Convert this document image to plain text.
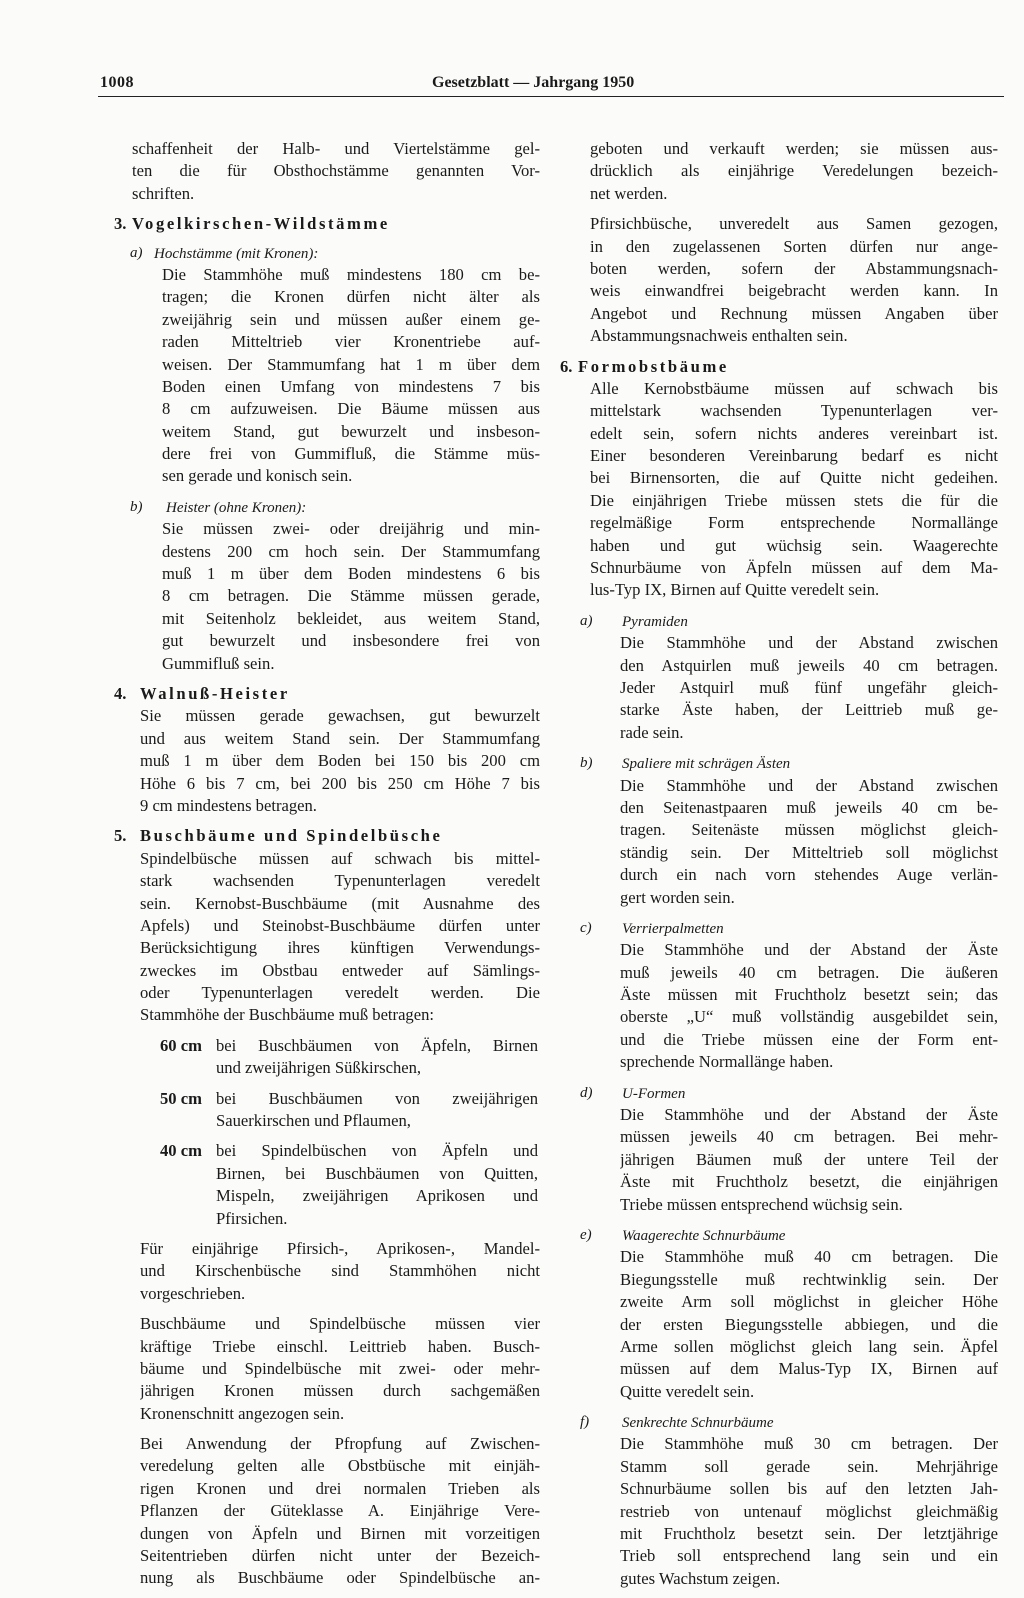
1008	Gesetzblatt — Jahrgang 1950
schaffenheit der Halb- und Viertelstämme gel-
ten die für Obsthochstämme genannten Vor-
schriften.
3. Vogelkirschen-Wildstämme
a) Hochstämme (mit Kronen):
Die Stammhöhe muß mindestens 180 cm be-
tragen; die Kronen dürfen nicht älter als
zweijährig sein und müssen außer einem ge-
raden Mitteltrieb vier Kronentriebe auf-
weisen. Der Stammumfang hat 1 m über dem
Boden einen Umfang von mindestens 7 bis
8 cm aufzuweisen. Die Bäume müssen aus
weitem Stand, gut bewurzelt und insbeson-
dere frei von Gummifluß, die Stämme müs-
sen gerade und konisch sein.
b) Heister (ohne Kronen):
Sie müssen zwei- oder dreijährig und min-
destens 200 cm hoch sein. Der Stammumfang
muß 1 m über dem Boden mindestens 6 bis
8 cm betragen. Die Stämme müssen gerade,
mit Seitenholz bekleidet, aus weitem Stand,
gut bewurzelt und insbesondere frei von
Gummifluß sein.
4. Walnuß-Heister
Sie müssen gerade gewachsen, gut bewurzelt
und aus weitem Stand sein. Der Stammumfang
muß 1 m über dem Boden bei 150 bis 200 cm
Höhe 6 bis 7 cm, bei 200 bis 250 cm Höhe 7 bis
9 cm mindestens betragen.
5. Buschbäume und Spindelbüsche
Spindelbüsche müssen auf schwach bis mittel-
stark wachsenden Typenunterlagen veredelt
sein. Kernobst-Buschbäume (mit Ausnahme des
Apfels) und Steinobst-Buschbäume dürfen unter
Berücksichtigung ihres künftigen Verwendungs-
zweckes im Obstbau entweder auf Sämlings-
oder Typenunterlagen veredelt werden. Die
Stammhöhe der Buschbäume muß betragen:
60 cm bei Buschbäumen von Äpfeln, Birnen
und zweijährigen Süßkirschen,
50 cm bei Buschbäumen von zweijährigen
Sauerkirschen und Pflaumen,
40 cm bei Spindelbüschen von Äpfeln und
Birnen, bei Buschbäumen von Quitten,
Mispeln, zweijährigen Aprikosen und
Pfirsichen.
Für einjährige Pfirsich-, Aprikosen-, Mandel-
und Kirschenbüsche sind Stammhöhen nicht
vorgeschrieben.
Buschbäume und Spindelbüsche müssen vier
kräftige Triebe einschl. Leittrieb haben. Busch-
bäume und Spindelbüsche mit zwei- oder mehr-
jährigen Kronen müssen durch sachgemäßen
Kronenschnitt angezogen sein.
Bei Anwendung der Pfropfung auf Zwischen-
veredelung gelten alle Obstbüsche mit einjäh-
rigen Kronen und drei normalen Trieben als
Pflanzen der Güteklasse A. Einjährige Vere-
dungen von Äpfeln und Birnen mit vorzeitigen
Seitentrieben dürfen nicht unter der Bezeich-
nung als Buschbäume oder Spindelbüsche an-
geboten und verkauft werden; sie müssen aus-
drücklich als einjährige Veredelungen bezeich-
net werden.
Pfirsichbüsche, unveredelt aus Samen gezogen,
in den zugelassenen Sorten dürfen nur ange-
boten werden, sofern der Abstammungsnach-
weis einwandfrei beigebracht werden kann. In
Angebot und Rechnung müssen Angaben über
Abstammungsnachweis enthalten sein.
6. Formobstbäume
Alle Kernobstbäume müssen auf schwach bis
mittelstark wachsenden Typenunterlagen ver-
edelt sein, sofern nichts anderes vereinbart ist.
Einer besonderen Vereinbarung bedarf es nicht
bei Birnensorten, die auf Quitte nicht gedeihen.
Die einjährigen Triebe müssen stets die für die
regelmäßige Form entsprechende Normallänge
haben und gut wüchsig sein. Waagerechte
Schnurbäume von Äpfeln müssen auf dem Ma-
lus-Typ IX, Birnen auf Quitte veredelt sein.
a) Pyramiden
Die Stammhöhe und der Abstand zwischen
den Astquirlen muß jeweils 40 cm betragen.
Jeder Astquirl muß fünf ungefähr gleich-
starke Äste haben, der Leittrieb muß ge-
rade sein.
b) Spaliere mit schrägen Ästen
Die Stammhöhe und der Abstand zwischen
den Seitenastpaaren muß jeweils 40 cm be-
tragen. Seitenäste müssen möglichst gleich-
ständig sein. Der Mitteltrieb soll möglichst
durch ein nach vorn stehendes Auge verlän-
gert worden sein.
c) Verrierpalmetten
Die Stammhöhe und der Abstand der Äste
muß jeweils 40 cm betragen. Die äußeren
Äste müssen mit Fruchtholz besetzt sein; das
oberste „U“ muß vollständig ausgebildet sein,
und die Triebe müssen eine der Form ent-
sprechende Normallänge haben.
d) U-Formen
Die Stammhöhe und der Abstand der Äste
müssen jeweils 40 cm betragen. Bei mehr-
jährigen Bäumen muß der untere Teil der
Äste mit Fruchtholz besetzt, die einjährigen
Triebe müssen entsprechend wüchsig sein.
e) Waagerechte Schnurbäume
Die Stammhöhe muß 40 cm betragen. Die
Biegungsstelle muß rechtwinklig sein. Der
zweite Arm soll möglichst in gleicher Höhe
der ersten Biegungsstelle abbiegen, und die
Arme sollen möglichst gleich lang sein. Äpfel
müssen auf dem Malus-Typ IX, Birnen auf
Quitte veredelt sein.
f) Senkrechte Schnurbäume
Die Stammhöhe muß 30 cm betragen. Der
Stamm soll gerade sein. Mehrjährige
Schnurbäume sollen bis auf den letzten Jah-
restrieb von untenauf möglichst gleichmäßig
mit Fruchtholz besetzt sein. Der letztjährige
Trieb soll entsprechend lang sein und ein
gutes Wachstum zeigen.
